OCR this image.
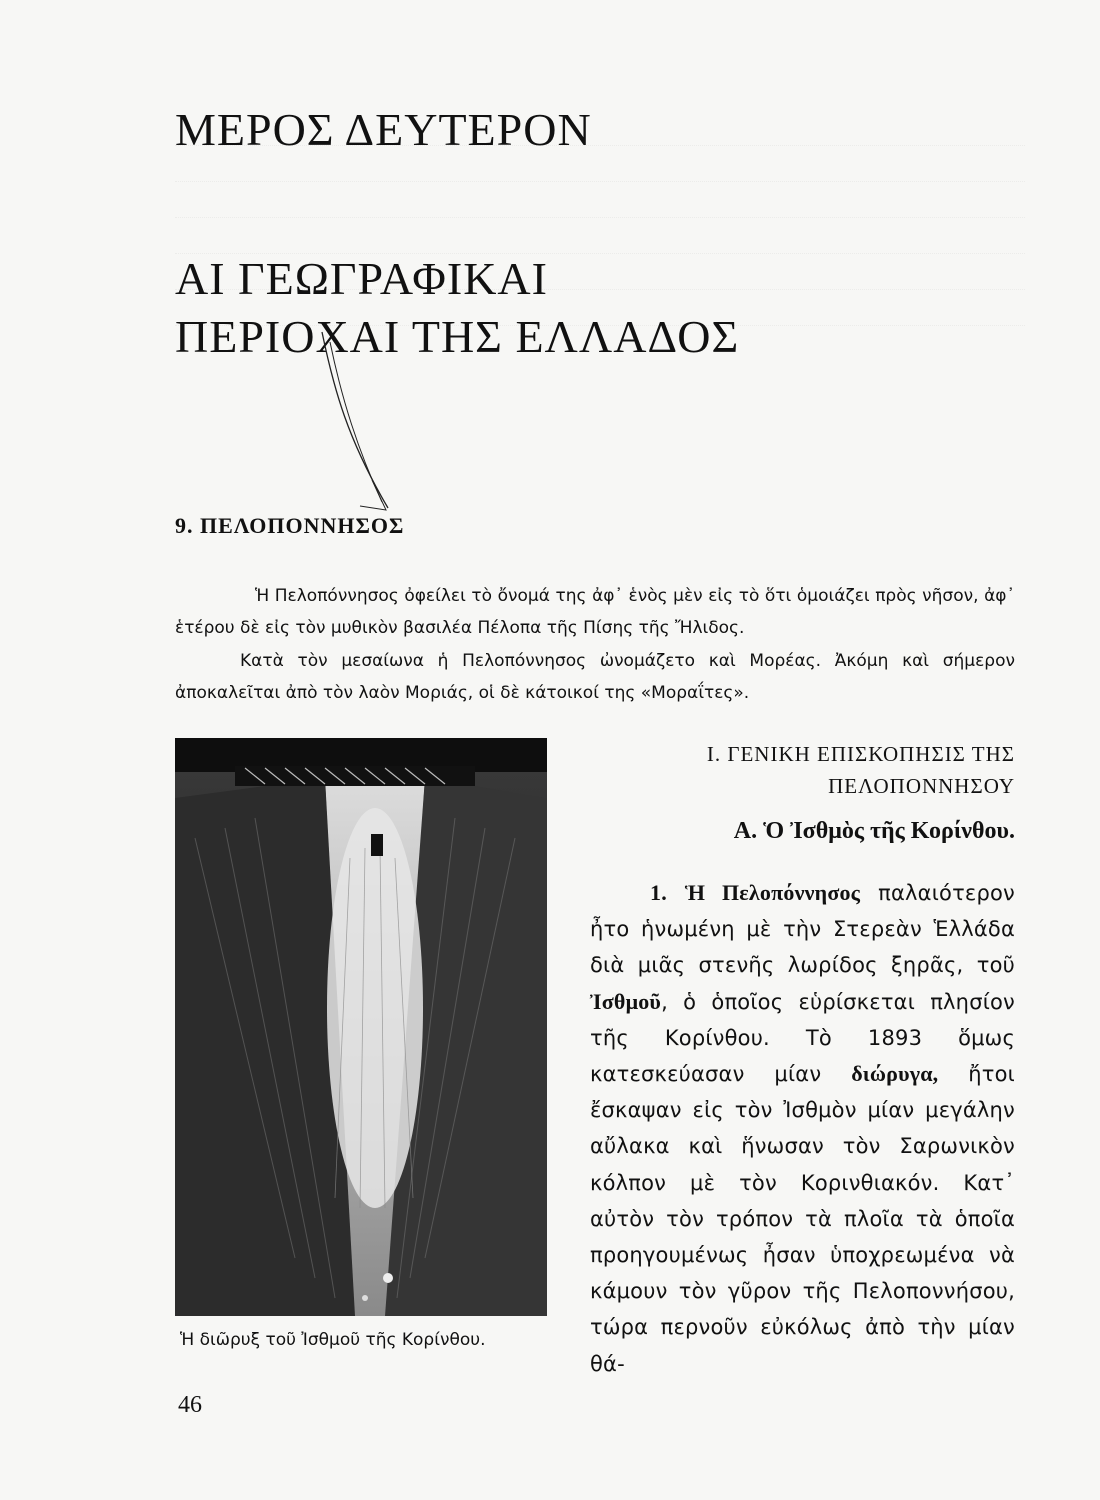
ΜΕΡΟΣ ΔΕΥΤΕΡΟΝ
ΑΙ ΓΕΩΓΡΑΦΙΚΑΙ
ΠΕΡΙΟΧΑΙ ΤΗΣ ΕΛΛΑΔΟΣ
9. ΠΕΛΟΠΟΝΝΗΣΟΣ

Ἡ Πελοπόννησος ὀφείλει τὸ ὄνομά της ἀφ᾽ ἑνὸς μὲν εἰς τὸ ὅτι ὁμοιάζει πρὸς νῆσον, ἀφ᾽ ἑτέρου δὲ εἰς τὸν μυθικὸν βασιλέα Πέλοπα τῆς Πίσης τῆς Ἤλιδος.

Κατὰ τὸν μεσαίωνα ἡ Πελοπόννησος ὠνομάζετο καὶ Μορέας. Ἀκόμη καὶ σήμερον ἀποκαλεῖται ἀπὸ τὸν λαὸν Μοριάς, οἱ δὲ κάτοικοί της «Μοραΐτες».

Ἡ διῶρυξ τοῦ Ἰσθμοῦ τῆς Κορίνθου.
Ι. ΓΕΝΙΚΗ ΕΠΙΣΚΟΠΗΣΙΣ ΤΗΣ
ΠΕΛΟΠΟΝΝΗΣΟΥ
Α. Ὁ Ἰσθμὸς τῆς Κορίνθου.

1. Ἡ Πελοπόννησος παλαιότερον ἦτο ἡνωμένη μὲ τὴν Στερεὰν Ἑλλάδα διὰ μιᾶς στενῆς λωρίδος ξηρᾶς, τοῦ Ἰσθμοῦ, ὁ ὁποῖος εὑρίσκεται πλησίον τῆς Κορίνθου. Τὸ 1893 ὅμως κατεσκεύασαν μίαν διώρυγα, ἤτοι ἔσκαψαν εἰς τὸν Ἰσθμὸν μίαν μεγάλην αὔλακα καὶ ἥνωσαν τὸν Σαρωνικὸν κόλπον μὲ τὸν Κορινθιακόν. Κατ᾽ αὐτὸν τὸν τρόπον τὰ πλοῖα τὰ ὁποῖα προηγουμένως ἦσαν ὑποχρεωμένα νὰ κάμουν τὸν γῦρον τῆς Πελοποννήσου, τώρα περνοῦν εὐκόλως ἀπὸ τὴν μίαν θά-

46
